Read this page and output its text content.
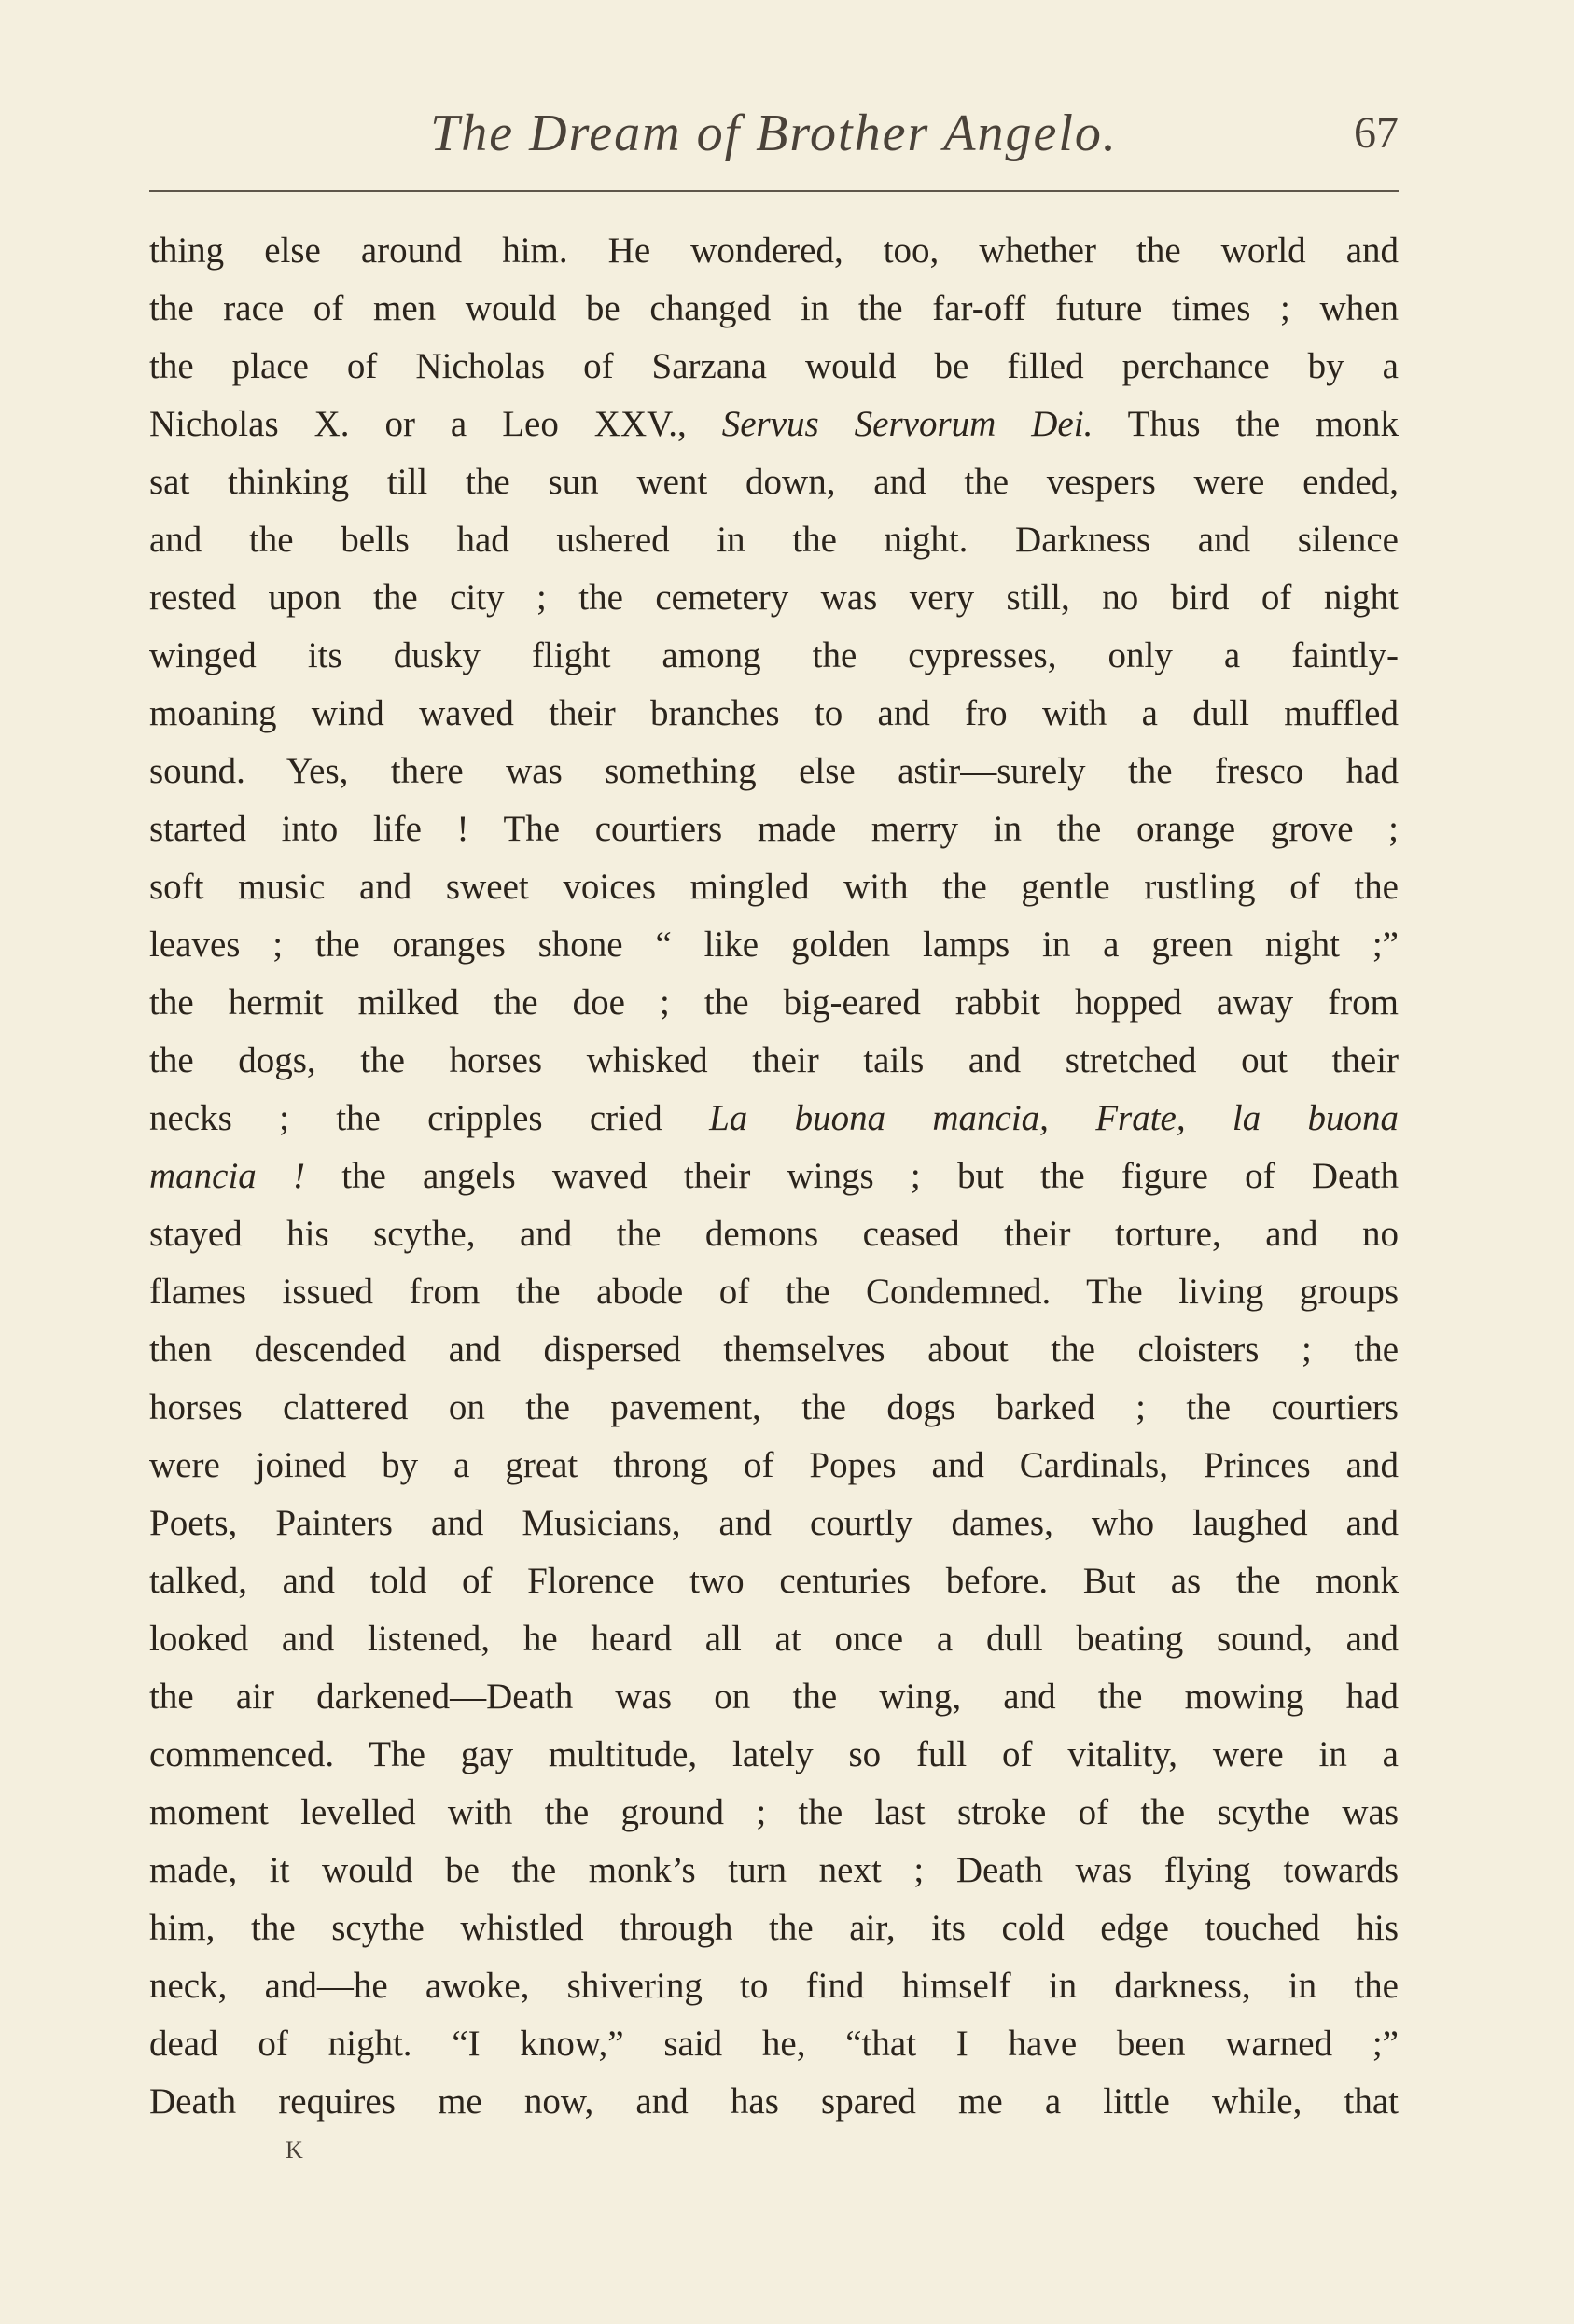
The Dream of Brother Angelo.	67
thing else around him. He wondered, too, whether the world and
the race of men would be changed in the far-off future times ; when
the place of Nicholas of Sarzana would be filled perchance by a
Nicholas X. or a Leo XXV., Servus Servorum Dei. Thus the monk
sat thinking till the sun went down, and the vespers were ended,
and the bells had ushered in the night. Darkness and silence
rested upon the city ; the cemetery was very still, no bird of night
winged its dusky flight among the cypresses, only a faintly-
moaning wind waved their branches to and fro with a dull muffled
sound. Yes, there was something else astir—surely the fresco had
started into life ! The courtiers made merry in the orange grove ;
soft music and sweet voices mingled with the gentle rustling of the
leaves ; the oranges shone “ like golden lamps in a green night ;”
the hermit milked the doe ; the big-eared rabbit hopped away from
the dogs, the horses whisked their tails and stretched out their
necks ; the cripples cried La buona mancia, Frate, la buona
mancia ! the angels waved their wings ; but the figure of Death
stayed his scythe, and the demons ceased their torture, and no
flames issued from the abode of the Condemned. The living groups
then descended and dispersed themselves about the cloisters ; the
horses clattered on the pavement, the dogs barked ; the courtiers
were joined by a great throng of Popes and Cardinals, Princes and
Poets, Painters and Musicians, and courtly dames, who laughed and
talked, and told of Florence two centuries before. But as the monk
looked and listened, he heard all at once a dull beating sound, and
the air darkened—Death was on the wing, and the mowing had
commenced. The gay multitude, lately so full of vitality, were in a
moment levelled with the ground ; the last stroke of the scythe was
made, it would be the monk’s turn next ; Death was flying towards
him, the scythe whistled through the air, its cold edge touched his
neck, and—he awoke, shivering to find himself in darkness, in the
dead of night. “I know,” said he, “that I have been warned ;”
Death requires me now, and has spared me a little while, that
K
